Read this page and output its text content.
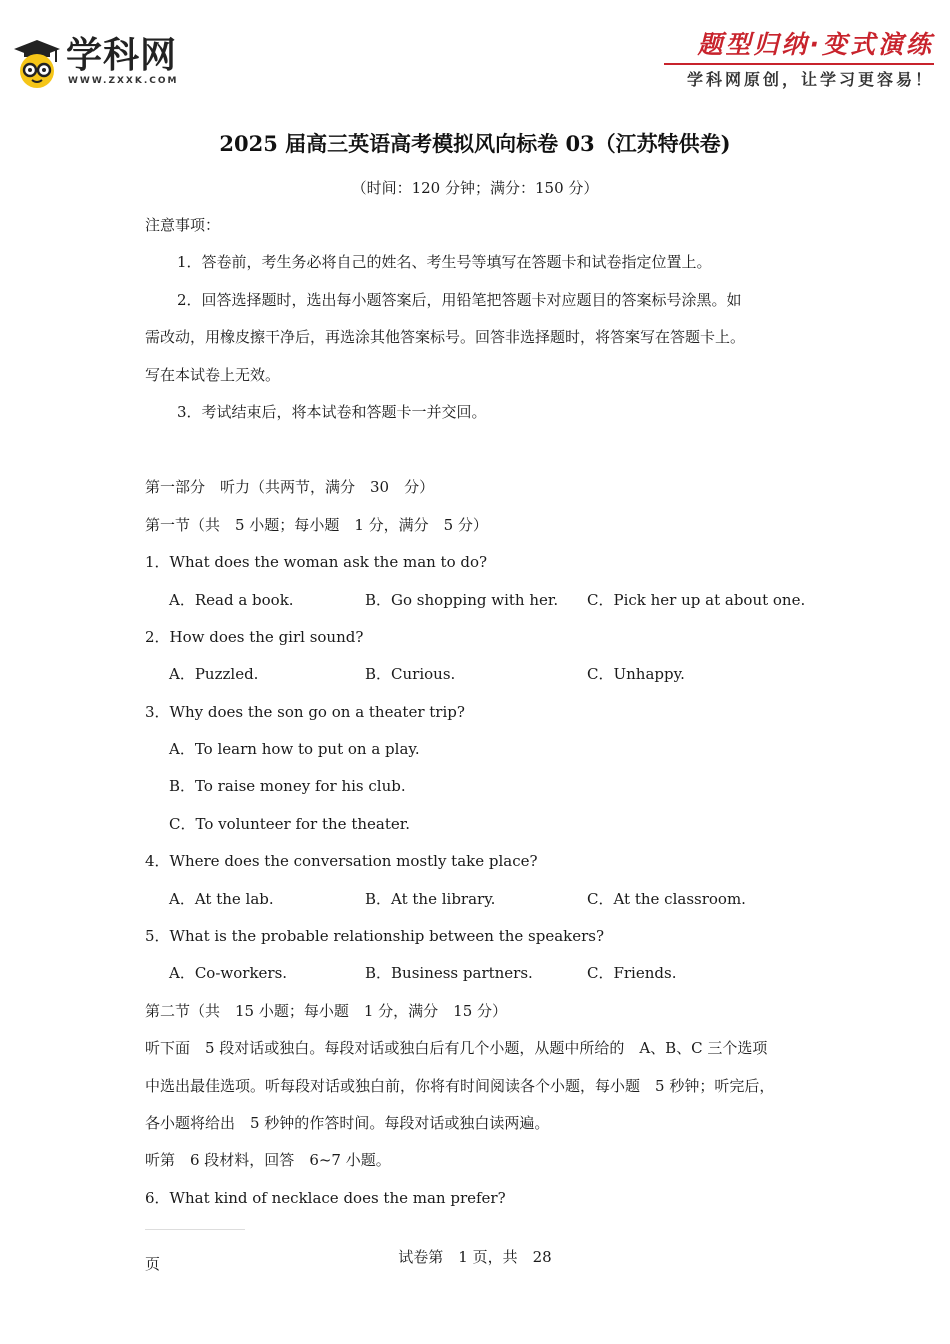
学科网
WWW.ZXXK.COM
题型归纳·变式演练
学科网原创，让学习更容易！
2025 届高三英语高考模拟风向标卷 03（江苏特供卷)
（时间：120 分钟；满分：150 分）
注意事项：
1．答卷前，考生务必将自己的姓名、考生号等填写在答题卡和试卷指定位置上。
2．回答选择题时，选出每小题答案后，用铅笔把答题卡对应题目的答案标号涂黑。如
需改动，用橡皮擦干净后，再选涂其他答案标号。回答非选择题时，将答案写在答题卡上。
写在本试卷上无效。
3．考试结束后，将本试卷和答题卡一并交回。
第一部分　听力（共两节，满分　30　分）
第一节（共　5 小题；每小题　1 分，满分　5 分）
1．What does the woman ask the man to do?
A．Read a book.	B．Go shopping with her.	C．Pick her up at about one.
2．How does the girl sound?
A．Puzzled.	B．Curious.	C．Unhappy.
3．Why does the son go on a theater trip?
A．To learn how to put on a play.
B．To raise money for his club.
C．To volunteer for the theater.
4．Where does the conversation mostly take place?
A．At the lab.	B．At the library.	C．At the classroom.
5．What is the probable relationship between the speakers?
A．Co-workers.	B．Business partners.	C．Friends.
第二节（共　15 小题；每小题　1 分，满分　15 分）
听下面　5 段对话或独白。每段对话或独白后有几个小题，从题中所给的　A、B、C 三个选项
中选出最佳选项。听每段对话或独白前，你将有时间阅读各个小题，每小题　5 秒钟；听完后，
各小题将给出　5 秒钟的作答时间。每段对话或独白读两遍。
听第　6 段材料，回答　6~7 小题。
6．What kind of necklace does the man prefer?
试卷第　1 页，共　28
页
